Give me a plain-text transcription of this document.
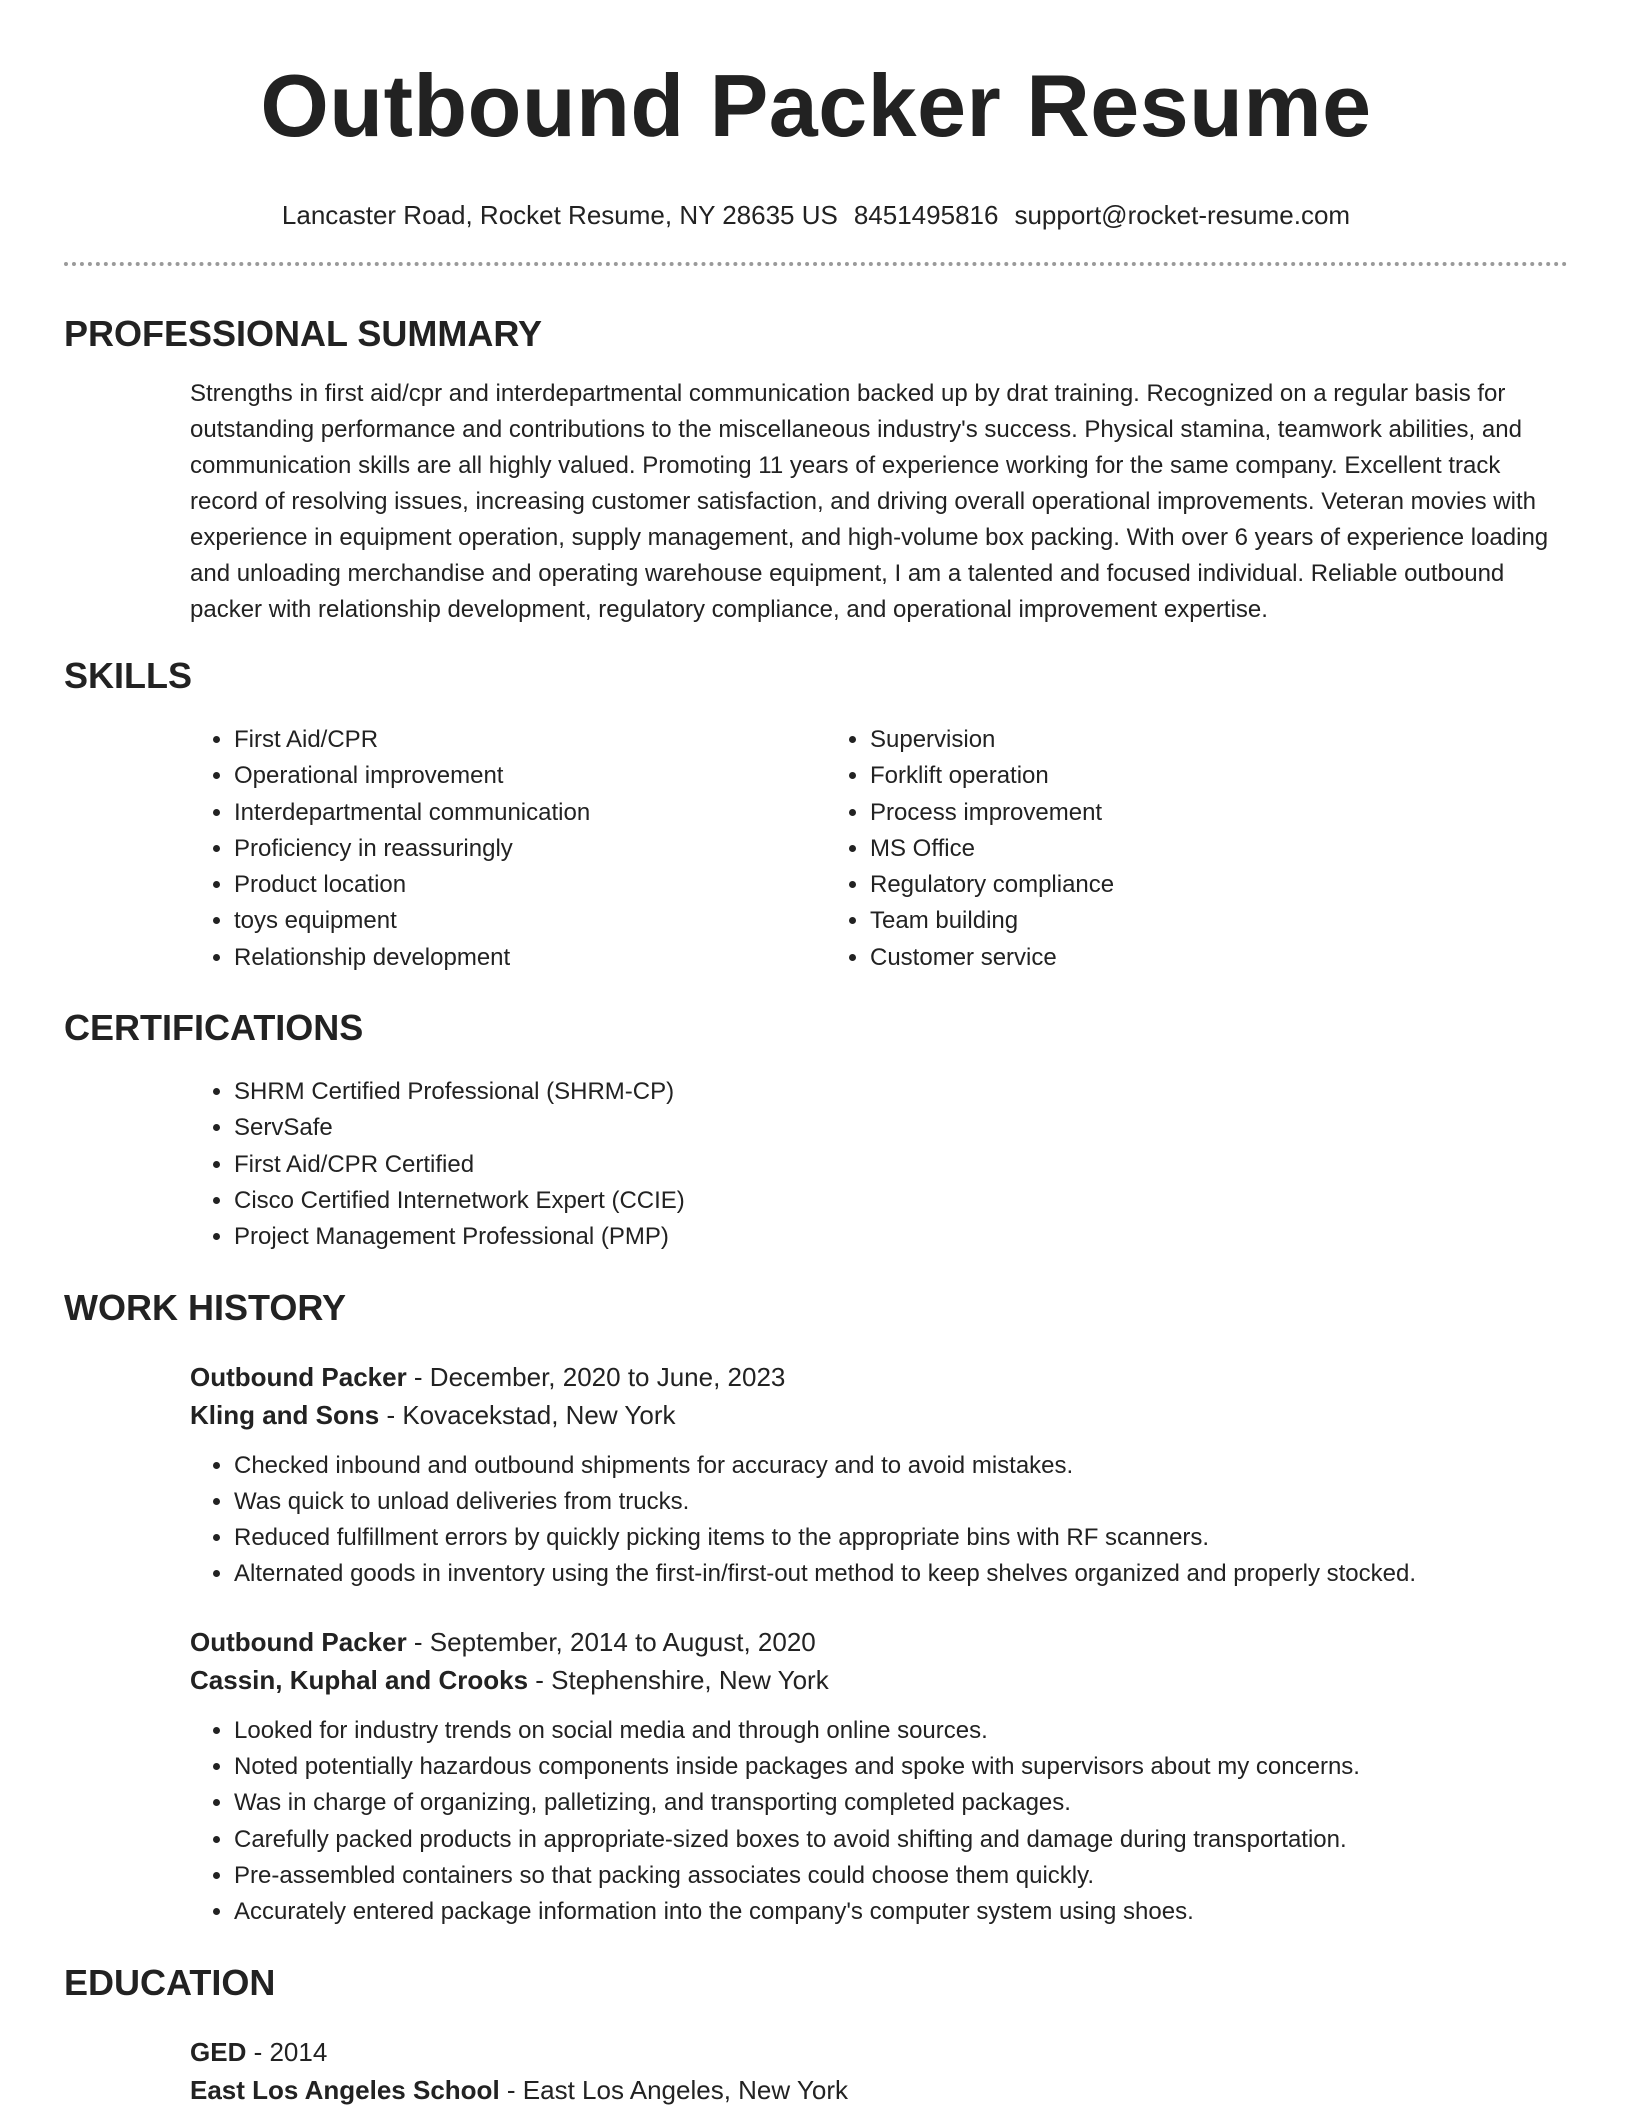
Outbound Packer Resume
Lancaster Road, Rocket Resume, NY 28635 US 8451495816 support@rocket-resume.com
PROFESSIONAL SUMMARY

Strengths in first aid/cpr and interdepartmental communication backed up by drat training. Recognized on a regular basis for outstanding performance and contributions to the miscellaneous industry's success. Physical stamina, teamwork abilities, and communication skills are all highly valued. Promoting 11 years of experience working for the same company. Excellent track record of resolving issues, increasing customer satisfaction, and driving overall operational improvements. Veteran movies with experience in equipment operation, supply management, and high-volume box packing. With over 6 years of experience loading and unloading merchandise and operating warehouse equipment, I am a talented and focused individual. Reliable outbound packer with relationship development, regulatory compliance, and operational improvement expertise.

SKILLS
• First Aid/CPR
• Operational improvement
• Interdepartmental communication
• Proficiency in reassuringly
• Product location
• toys equipment
• Relationship development
• Supervision
• Forklift operation
• Process improvement
• MS Office
• Regulatory compliance
• Team building
• Customer service
CERTIFICATIONS
• SHRM Certified Professional (SHRM-CP)
• ServSafe
• First Aid/CPR Certified
• Cisco Certified Internetwork Expert (CCIE)
• Project Management Professional (PMP)
WORK HISTORY
Outbound Packer - December, 2020 to June, 2023
Kling and Sons - Kovacekstad, New York
• Checked inbound and outbound shipments for accuracy and to avoid mistakes.
• Was quick to unload deliveries from trucks.
• Reduced fulfillment errors by quickly picking items to the appropriate bins with RF scanners.
• Alternated goods in inventory using the first-in/first-out method to keep shelves organized and properly stocked.
Outbound Packer - September, 2014 to August, 2020
Cassin, Kuphal and Crooks - Stephenshire, New York
• Looked for industry trends on social media and through online sources.
• Noted potentially hazardous components inside packages and spoke with supervisors about my concerns.
• Was in charge of organizing, palletizing, and transporting completed packages.
• Carefully packed products in appropriate-sized boxes to avoid shifting and damage during transportation.
• Pre-assembled containers so that packing associates could choose them quickly.
• Accurately entered package information into the company's computer system using shoes.
EDUCATION
GED - 2014
East Los Angeles School - East Los Angeles, New York
